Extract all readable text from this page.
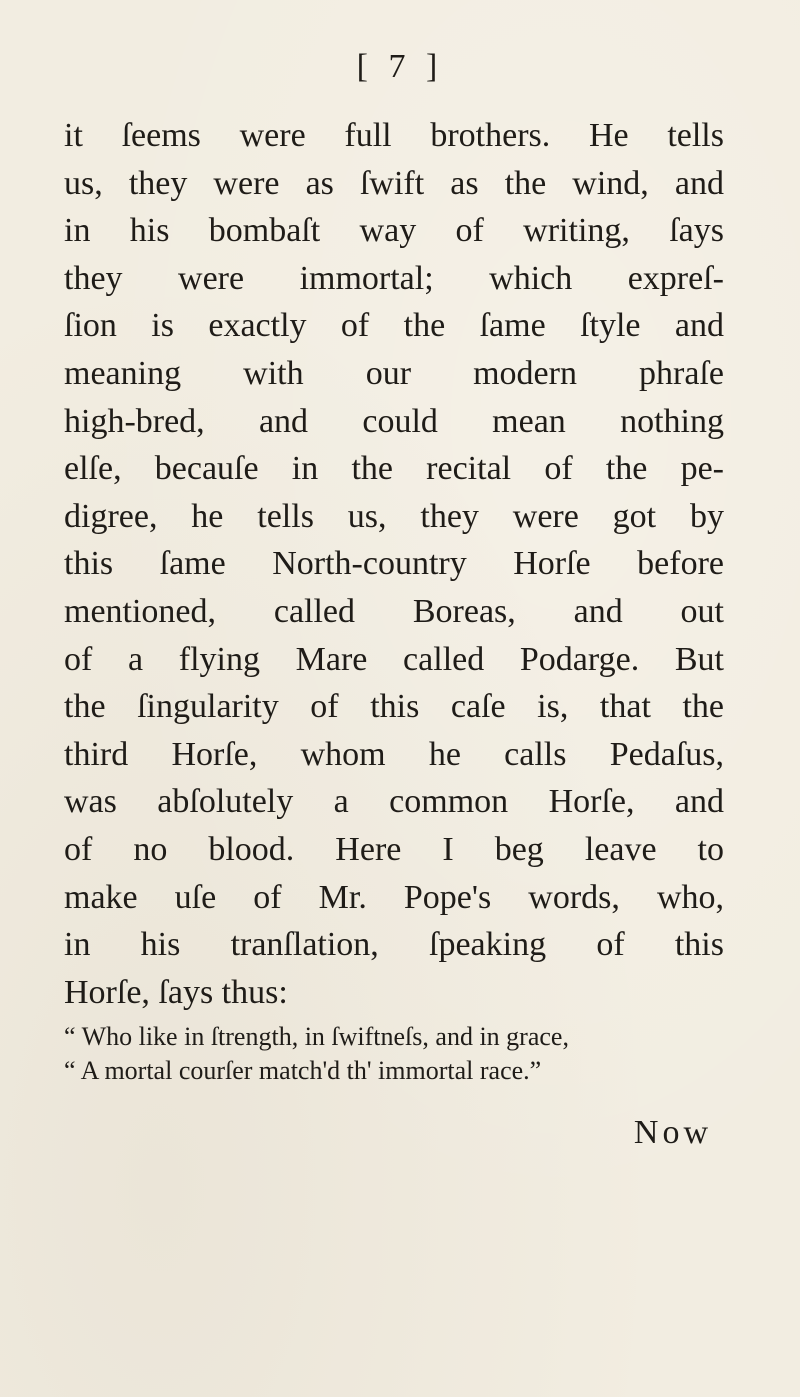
[ 7 ]
it ſeems were full brothers. He tells
us, they were as ſwift as the wind, and
in his bombaſt way of writing, ſays
they were immortal; which expreſ-
ſion is exactly of the ſame ſtyle and
meaning with our modern phraſe
high-bred, and could mean nothing
elſe, becauſe in the recital of the pe-
digree, he tells us, they were got by
this ſame North-country Horſe before
mentioned, called Boreas, and out
of a flying Mare called Podarge. But
the ſingularity of this caſe is, that the
third Horſe, whom he calls Pedaſus,
was abſolutely a common Horſe, and
of no blood. Here I beg leave to
make uſe of Mr. Pope's words, who,
in his tranſlation, ſpeaking of this
Horſe, ſays thus:
“ Who like in ſtrength, in ſwiftneſs, and in grace,
“ A mortal courſer match'd th' immortal race.”
Now
